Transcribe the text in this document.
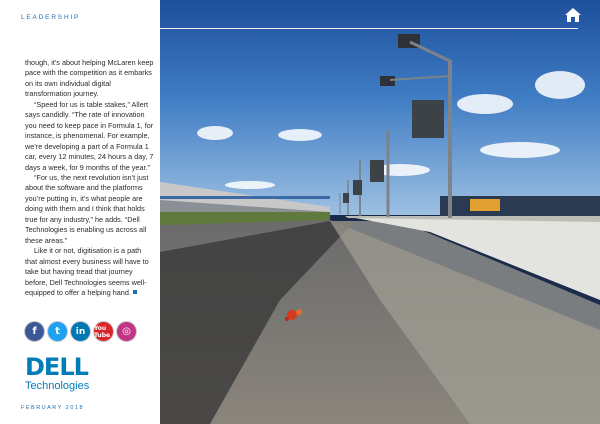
LEADERSHIP

though, it’s about helping McLaren keep pace with the competition as it embarks on its own individual digital transformation journey.

“Speed for us is table stakes,” Allert says candidly. “The rate of innovation you need to keep pace in Formula 1, for instance, is phenomenal. For example, we’re developing a part of a Formula 1 car, every 12 minutes, 24 hours a day, 7 days a week, for 9 months of the year.”

“For us, the next revolution isn’t just about the software and the platforms you’re putting in, it’s what people are doing with them and I think that holds true for any industry,” he adds. “Dell Technologies is enabling us across all these areas.”

Like it or not, digitisation is a path that almost every business will have to take but having tread that journey before, Dell Technologies seems well-equipped to offer a helping hand.

f	t	in	You Tube	◎
DELL
Technologies
FEBRUARY 2018
